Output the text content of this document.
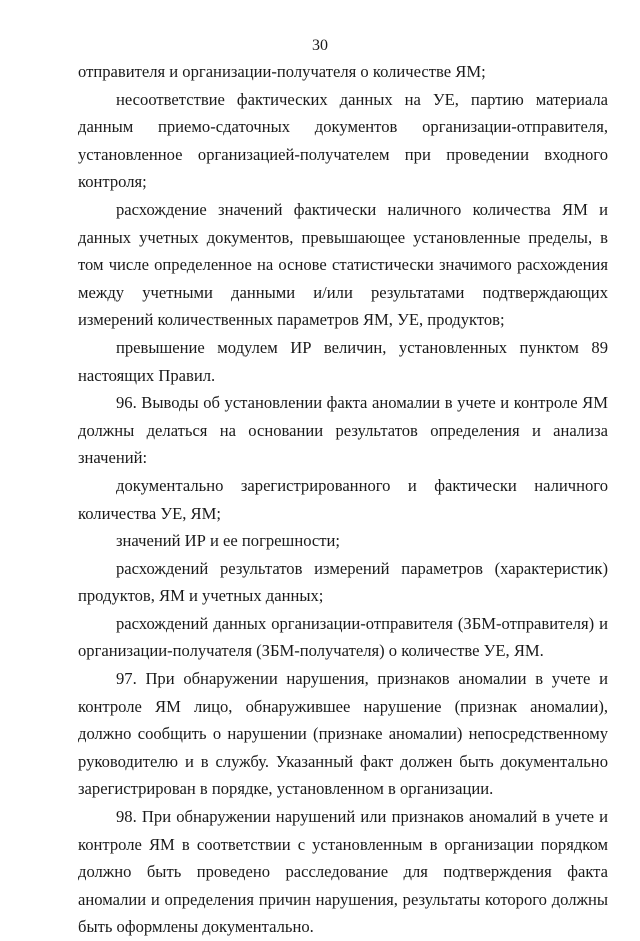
30

отправителя и организации-получателя о количестве ЯМ;

несоответствие фактических данных на УЕ, партию материала данным приемо-сдаточных документов организации-отправителя, установленное организацией-получателем при проведении входного контроля;

расхождение значений фактически наличного количества ЯМ и данных учетных документов, превышающее установленные пределы, в том числе определенное на основе статистически значимого расхождения между учетными данными и/или результатами подтверждающих измерений количественных параметров ЯМ, УЕ, продуктов;

превышение модулем ИР величин, установленных пунктом 89 настоящих Правил.

96. Выводы об установлении факта аномалии в учете и контроле ЯМ должны делаться на основании результатов определения и анализа значений:

документально зарегистрированного и фактически наличного количества УЕ, ЯМ;

значений ИР и ее погрешности;

расхождений результатов измерений параметров (характеристик) продуктов, ЯМ и учетных данных;

расхождений данных организации-отправителя (ЗБМ-отправителя) и организации-получателя (ЗБМ-получателя) о количестве УЕ, ЯМ.

97. При обнаружении нарушения, признаков аномалии в учете и контроле ЯМ лицо, обнаружившее нарушение (признак аномалии), должно сообщить о нарушении (признаке аномалии) непосредственному руководителю и в службу. Указанный факт должен быть документально зарегистрирован в порядке, установленном в организации.

98. При обнаружении нарушений или признаков аномалий в учете и контроле ЯМ в соответствии с установленным в организации порядком должно быть проведено расследование для подтверждения факта аномалии и определения причин нарушения, результаты которого должны быть оформлены документально.
